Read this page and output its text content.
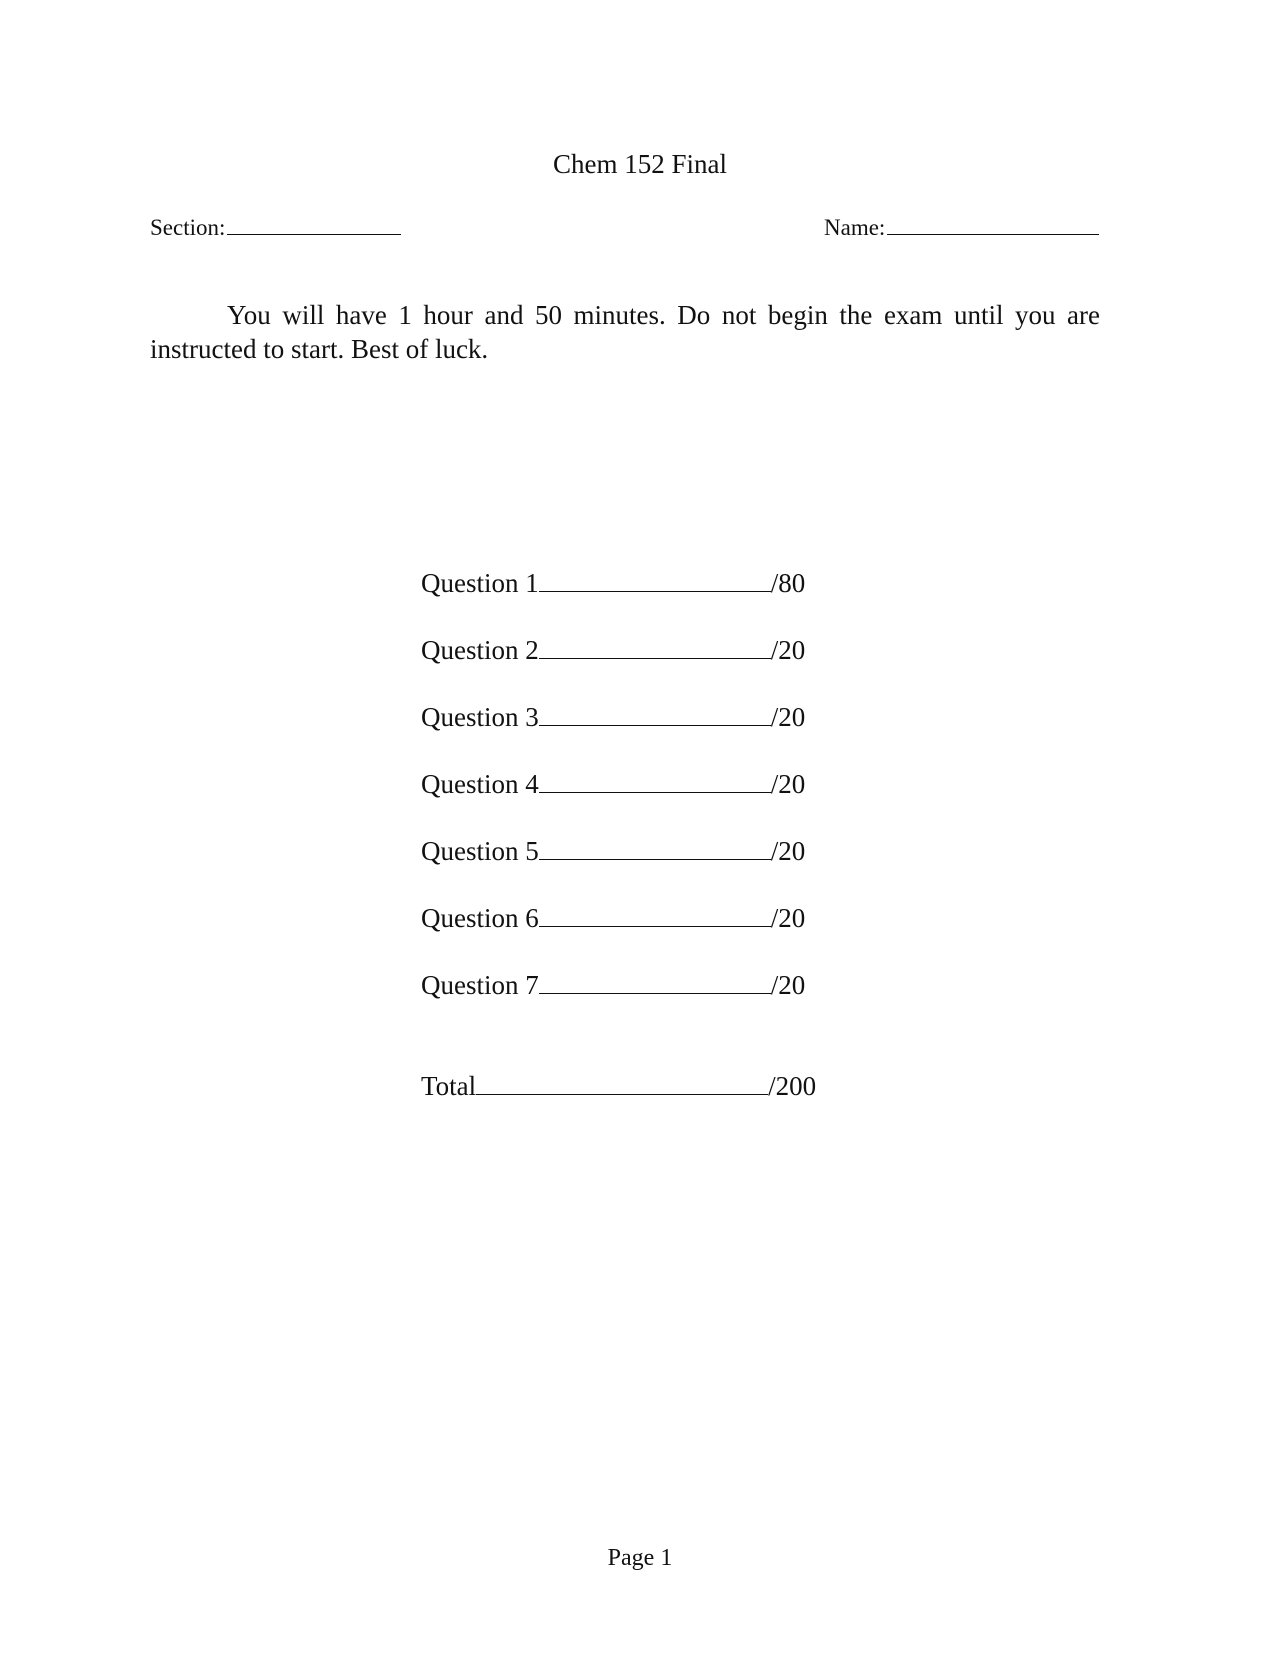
Chem 152 Final
Section:	Name:

You will have 1 hour and 50 minutes. Do not begin the exam until you are instructed to start. Best of luck.

Question 1	/80
Question 2	/20
Question 3	/20
Question 4	/20
Question 5	/20
Question 6	/20
Question 7	/20
Total	/200
Page 1
